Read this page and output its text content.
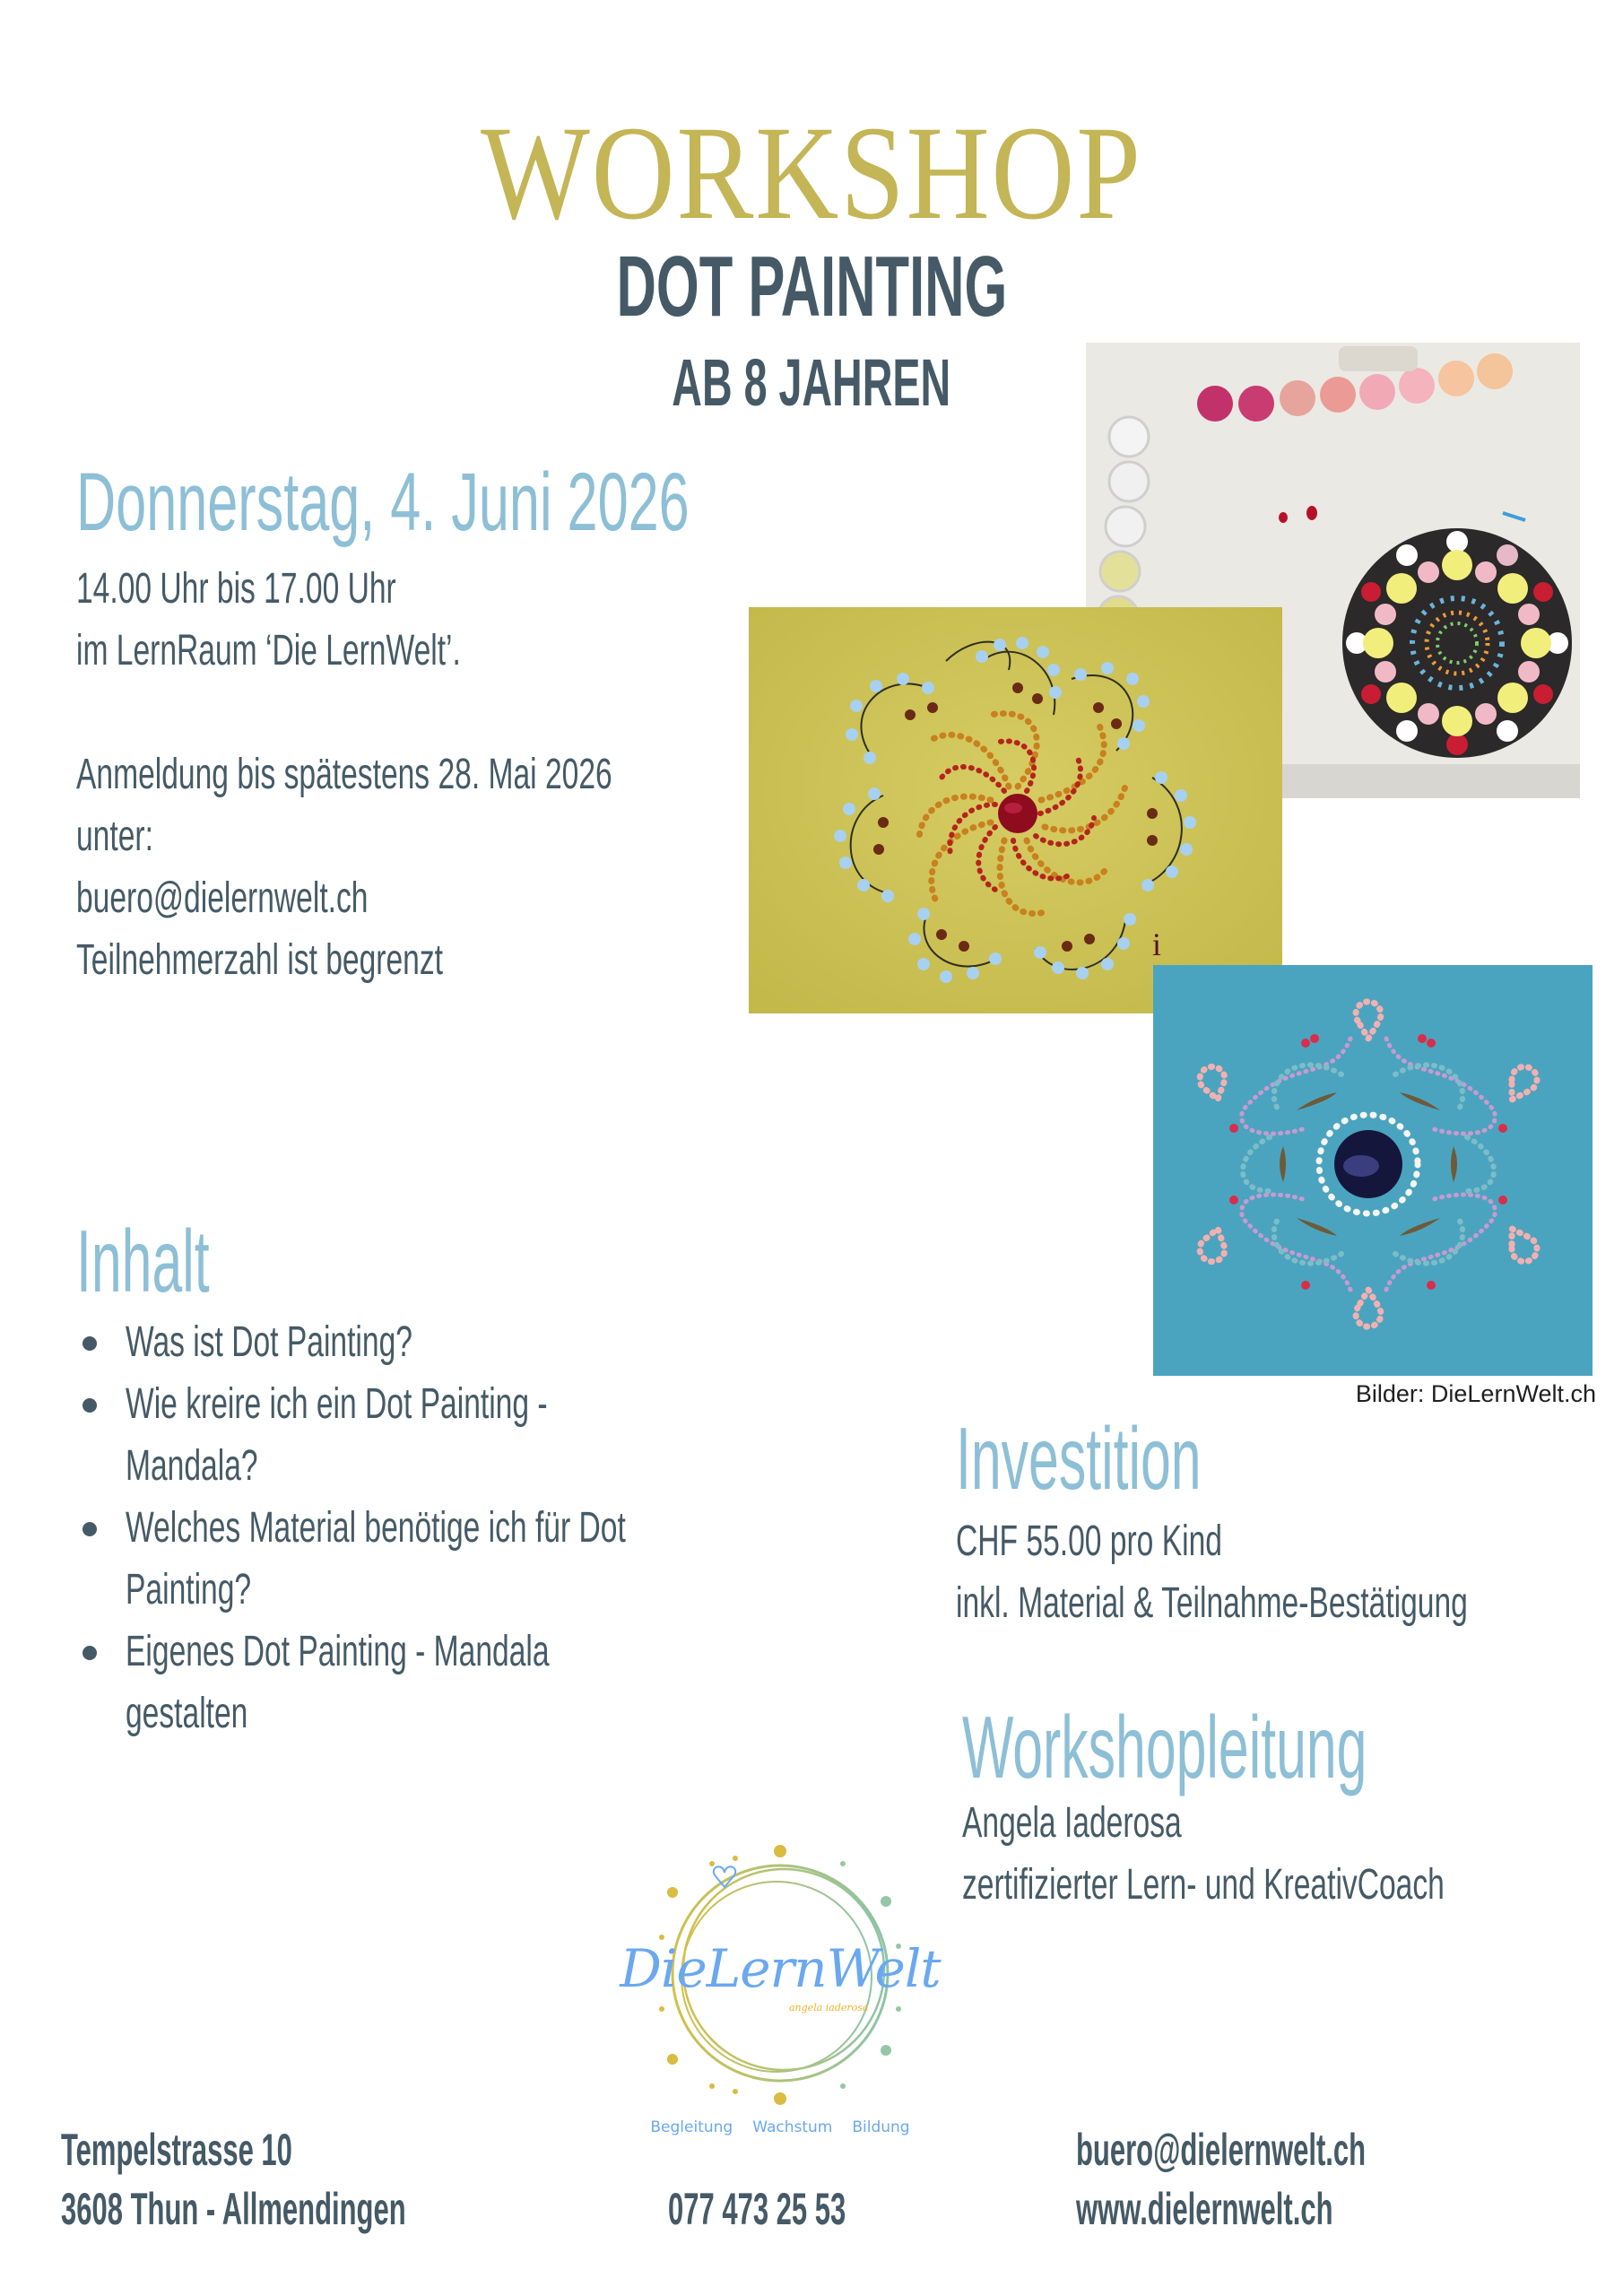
WORKSHOP
DOT PAINTING
AB 8 JAHREN
Donnerstag, 4. Juni 2026
14.00 Uhr bis 17.00 Uhr
im LernRaum ‘Die LernWelt’.
Anmeldung bis spätestens 28. Mai 2026
unter:
buero@dielernwelt.ch
Teilnehmerzahl ist begrenzt	i
Bilder: DieLernWelt.ch
Inhalt
Was ist Dot Painting?
Wie kreire ich ein Dot Painting -
Mandala?
Welches Material benötige ich für Dot
Painting?
Eigenes Dot Painting - Mandala
gestalten
Investition
CHF 55.00 pro Kind
inkl. Material & Teilnahme-Bestätigung
Workshopleitung
Angela Iaderosa
zertifizierter Lern- und KreativCoach
DieLernWelt
angela iaderosa
Begleitung Wachstum Bildung
Tempelstrasse 10
3608 Thun - Allmendingen	077 473 25 53
buero@dielernwelt.ch
www.dielernwelt.ch
